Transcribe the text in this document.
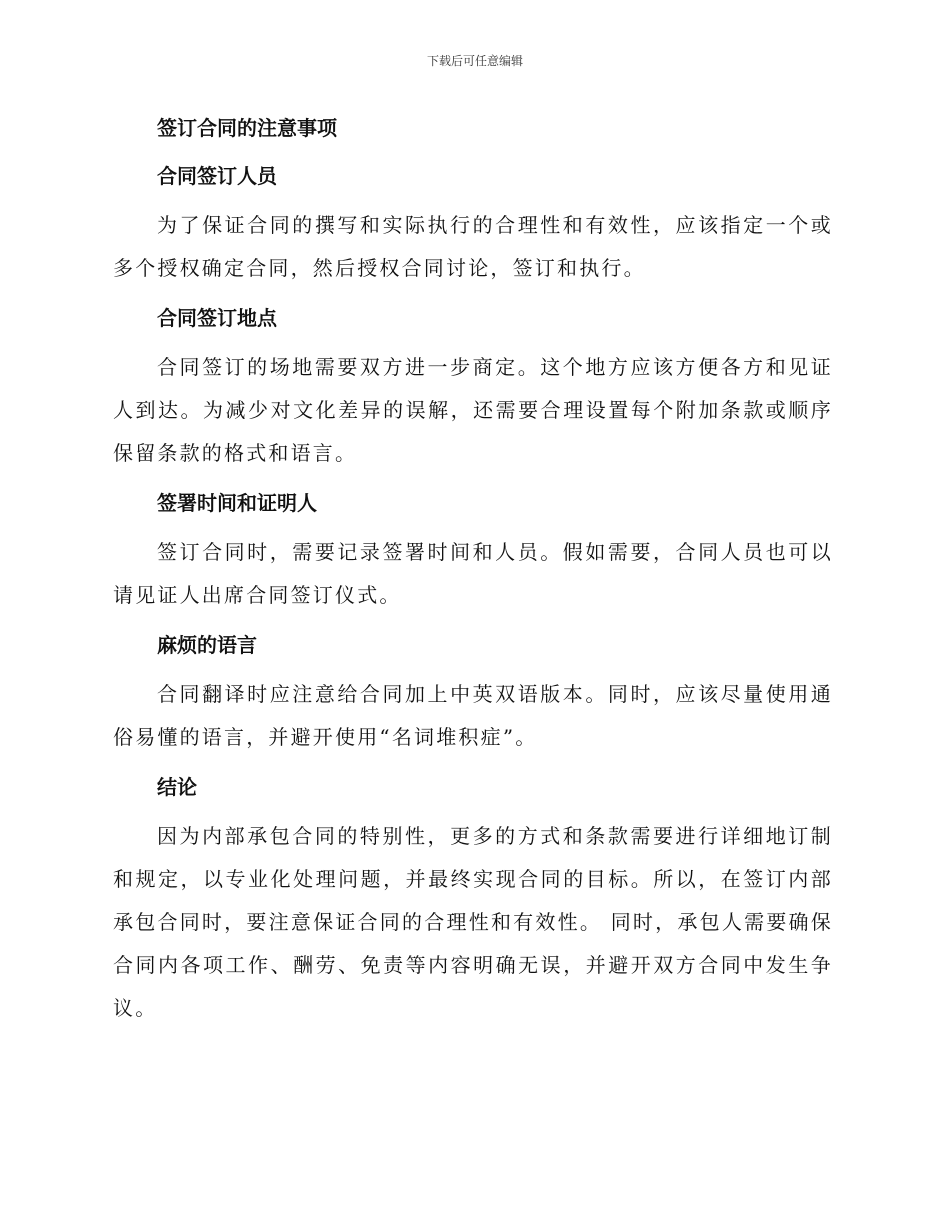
下载后可任意编辑
签订合同的注意事项
合同签订人员

为了保证合同的撰写和实际执行的合理性和有效性，应该指定一个或多个授权确定合同，然后授权合同讨论，签订和执行。

合同签订地点

合同签订的场地需要双方进一步商定。这个地方应该方便各方和见证人到达。为减少对文化差异的误解，还需要合理设置每个附加条款或顺序保留条款的格式和语言。

签署时间和证明人

签订合同时，需要记录签署时间和人员。假如需要，合同人员也可以请见证人出席合同签订仪式。

麻烦的语言

合同翻译时应注意给合同加上中英双语版本。同时，应该尽量使用通俗易懂的语言，并避开使用“名词堆积症”。

结论

因为内部承包合同的特别性，更多的方式和条款需要进行详细地订制和规定，以专业化处理问题，并最终实现合同的目标。所以，在签订内部承包合同时，要注意保证合同的合理性和有效性。 同时，承包人需要确保合同内各项工作、酬劳、免责等内容明确无误，并避开双方合同中发生争议。
